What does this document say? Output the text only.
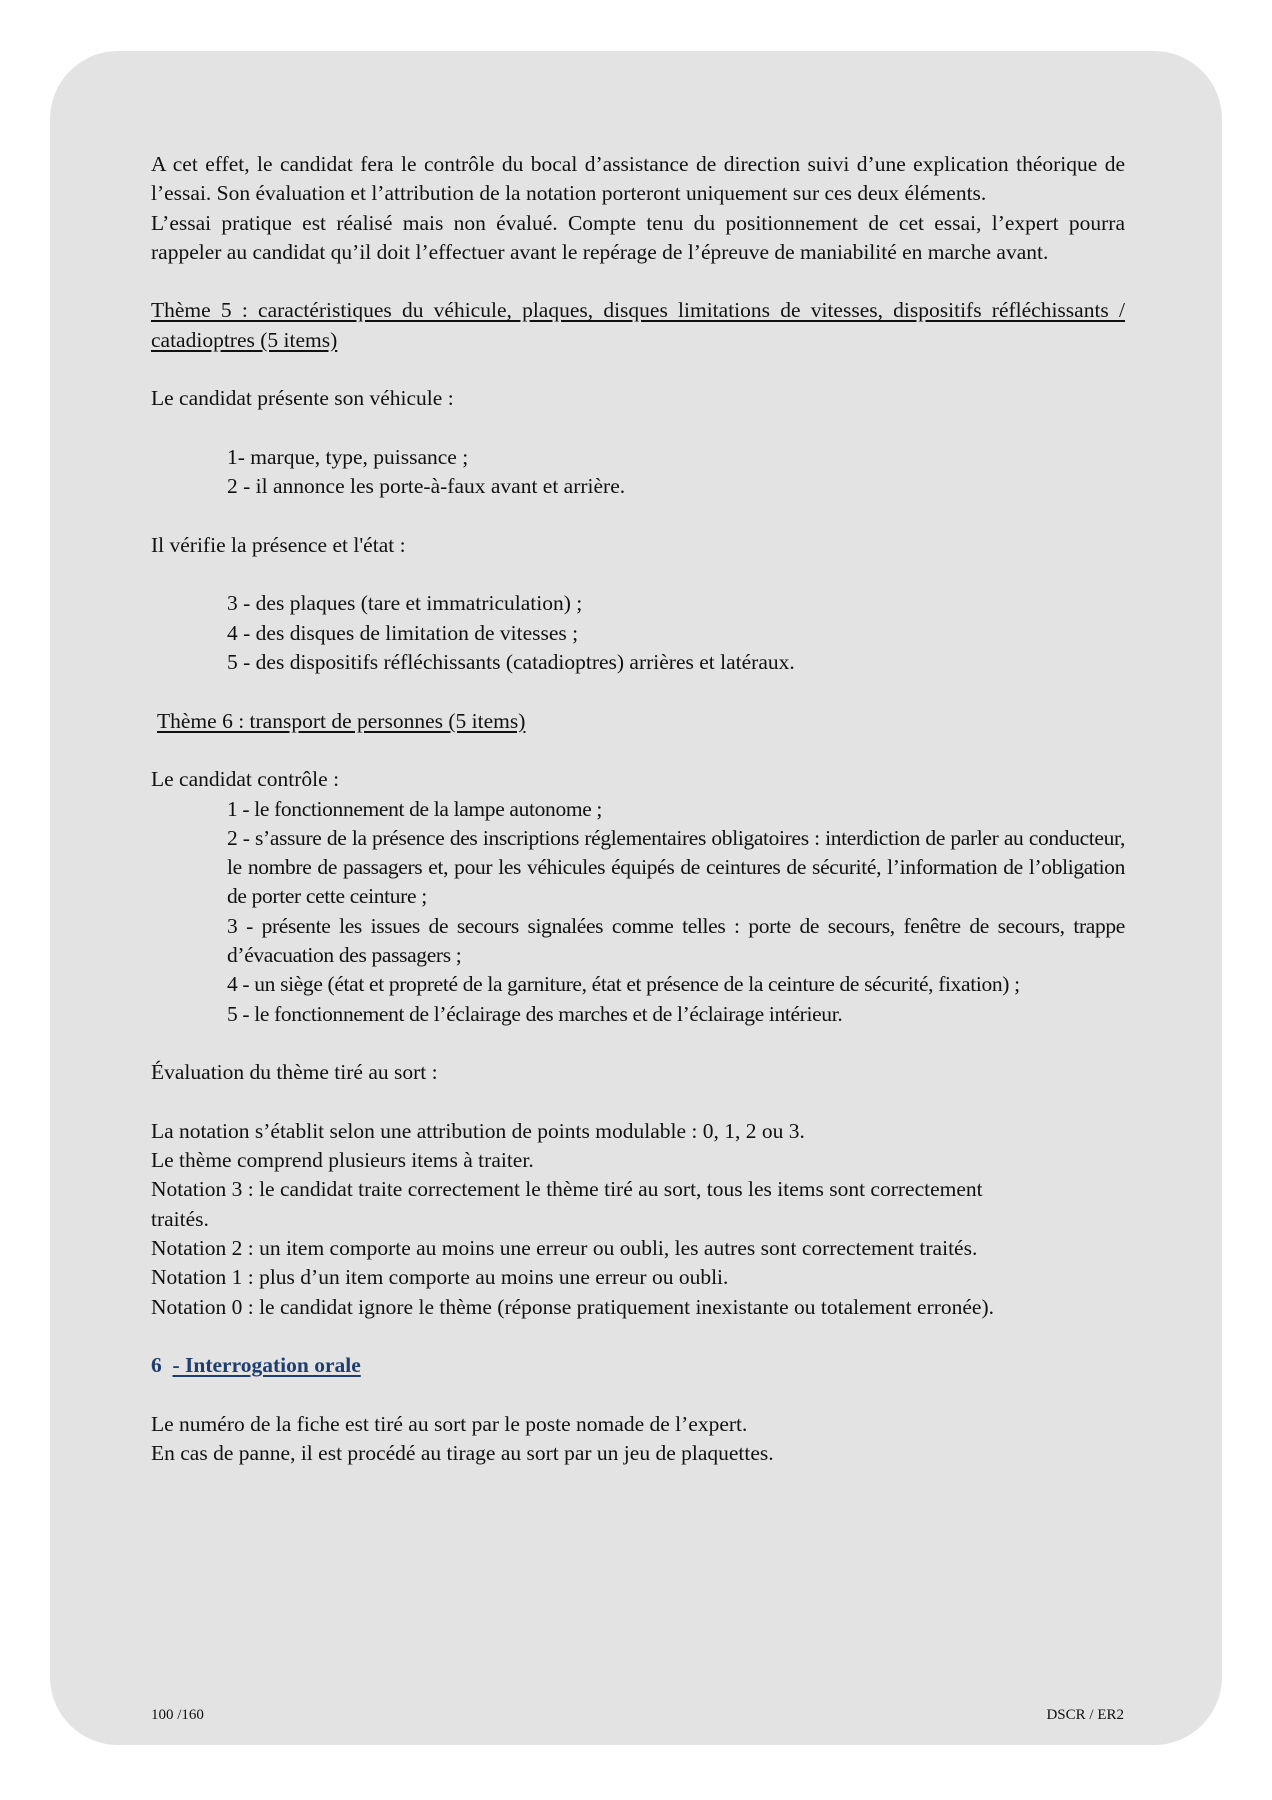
A cet effet, le candidat fera le contrôle du bocal d’assistance de direction suivi d’une explication théorique de l’essai. Son évaluation et l’attribution de la notation porteront uniquement sur ces deux éléments.

L’essai pratique est réalisé mais non évalué. Compte tenu du positionnement de cet essai, l’expert pourra rappeler au candidat qu’il doit l’effectuer avant le repérage de l’épreuve de maniabilité en marche avant.

Thème 5 : caractéristiques du véhicule, plaques, disques limitations de vitesses, dispositifs réfléchissants / catadioptres (5 items)

Le candidat présente son véhicule :

1- marque, type, puissance ;

2 - il annonce les porte-à-faux avant et arrière.

Il vérifie la présence et l'état :

3 - des plaques (tare et immatriculation) ;

4 - des disques de limitation de vitesses ;

5 - des dispositifs réfléchissants (catadioptres) arrières et latéraux.

Thème 6 : transport de personnes (5 items)

Le candidat contrôle :

1 - le fonctionnement de la lampe autonome ;

2 - s’assure de la présence des inscriptions réglementaires obligatoires : interdiction de parler au conducteur, le nombre de passagers et, pour les véhicules équipés de ceintures de sécurité, l’information de l’obligation de porter cette ceinture ;

3 - présente les issues de secours signalées comme telles : porte de secours, fenêtre de secours, trappe d’évacuation des passagers ;

4 - un siège (état et propreté de la garniture, état et présence de la ceinture de sécurité, fixation) ;

5 - le fonctionnement de l’éclairage des marches et de l’éclairage intérieur.

Évaluation du thème tiré au sort :

La notation s’établit selon une attribution de points modulable : 0, 1, 2 ou 3.

Le thème comprend plusieurs items à traiter.

Notation 3 : le candidat traite correctement le thème tiré au sort, tous les items sont correctement traités.

Notation 2 : un item comporte au moins une erreur ou oubli, les autres sont correctement traités.

Notation 1 : plus d’un item comporte au moins une erreur ou oubli.

Notation 0 : le candidat ignore le thème (réponse pratiquement inexistante ou totalement erronée).

6 - Interrogation orale

Le numéro de la fiche est tiré au sort par le poste nomade de l’expert.

En cas de panne, il est procédé au tirage au sort par un jeu de plaquettes.

100 /160	DSCR / ER2
